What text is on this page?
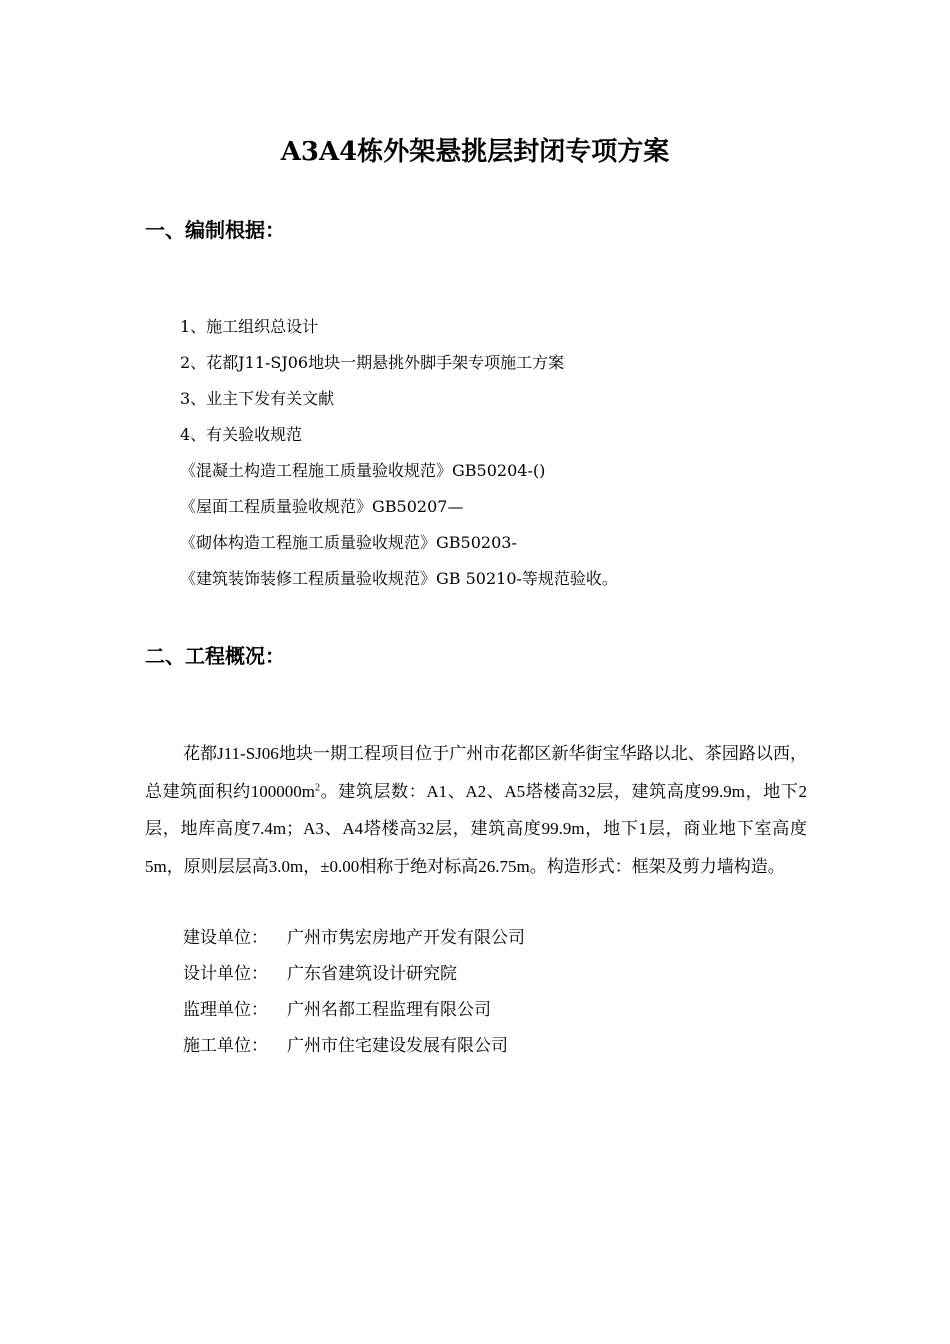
A3A4栋外架悬挑层封闭专项方案
一、编制根据：
1、施工组织总设计
2、花都J11-SJ06地块一期悬挑外脚手架专项施工方案
3、业主下发有关文献
4、有关验收规范
《混凝土构造工程施工质量验收规范》GB50204-()
《屋面工程质量验收规范》GB50207—
《砌体构造工程施工质量验收规范》GB50203-
《建筑装饰装修工程质量验收规范》GB 50210-等规范验收。
二、工程概况：

花都J11-SJ06地块一期工程项目位于广州市花都区新华街宝华路以北、茶园路以西，总建筑面积约$100000m^2$。建筑层数：A1、A2、A5塔楼高32层，建筑高度99.9m，地下2层，地库高度7.4m；A3、A4塔楼高32层，建筑高度99.9m，地下1层，商业地下室高度5m，原则层层高3.0m，±0.00相称于绝对标高26.75m。构造形式：框架及剪力墙构造。

建设单位： 广州市隽宏房地产开发有限公司
设计单位： 广东省建筑设计研究院
监理单位： 广州名都工程监理有限公司
施工单位： 广州市住宅建设发展有限公司
